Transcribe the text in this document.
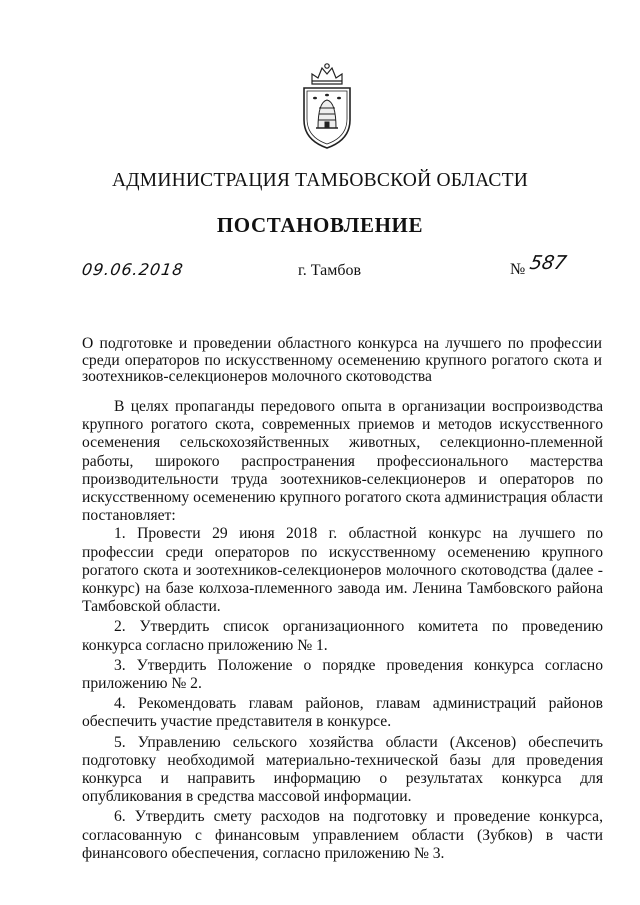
АДМИНИСТРАЦИЯ ТАМБОВСКОЙ ОБЛАСТИ
ПОСТАНОВЛЕНИЕ
09.06.2018	г. Тамбов	№ 587
О подготовке и проведении областного конкурса на лучшего по профессии среди операторов по искусственному осеменению крупного рогатого скота и зоотехников-селекционеров молочного скотоводства

В целях пропаганды передового опыта в организации воспроизводства крупного рогатого скота, современных приемов и методов искусственного осеменения сельскохозяйственных животных, селекционно-племенной работы, широкого распространения профессионального мастерства производительности труда зоотехников-селекционеров и операторов по искусственному осеменению крупного рогатого скота администрация области постановляет:

1. Провести 29 июня 2018 г. областной конкурс на лучшего по профессии среди операторов по искусственному осеменению крупного рогатого скота и зоотехников-селекционеров молочного скотоводства (далее - конкурс) на базе колхоза-племенного завода им. Ленина Тамбовского района Тамбовской области.

2. Утвердить список организационного комитета по проведению конкурса согласно приложению № 1.

3. Утвердить Положение о порядке проведения конкурса согласно приложению № 2.

4. Рекомендовать главам районов, главам администраций районов обеспечить участие представителя в конкурсе.

5. Управлению сельского хозяйства области (Аксенов) обеспечить подготовку необходимой материально-технической базы для проведения конкурса и направить информацию о результатах конкурса для опубликования в средства массовой информации.

6. Утвердить смету расходов на подготовку и проведение конкурса, согласованную с финансовым управлением области (Зубков) в части финансового обеспечения, согласно приложению № 3.
